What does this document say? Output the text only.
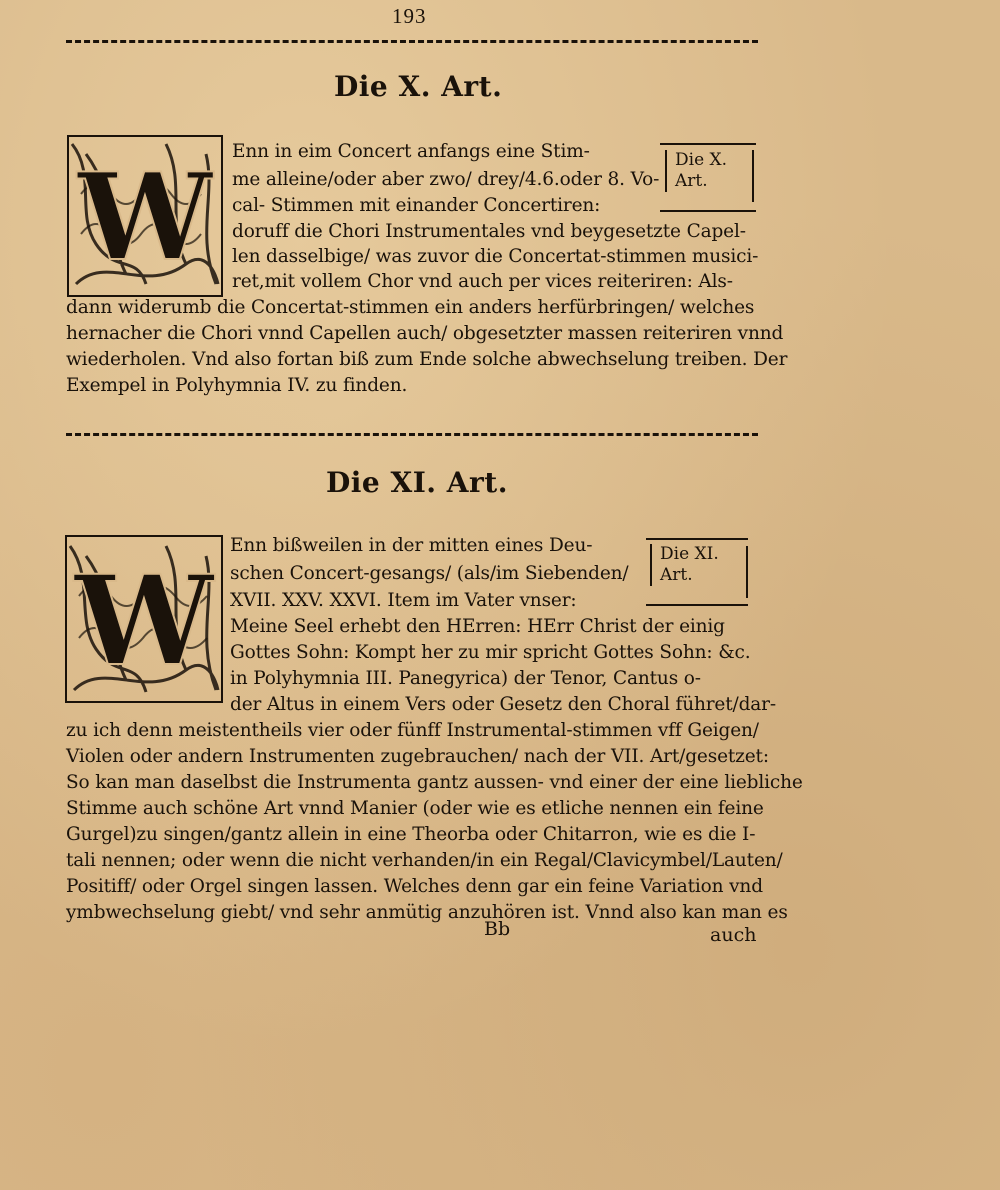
193
Die X. Art.
W Enn in eim Concert anfangs eine Stim-
me alleine/oder aber zwo/ drey/4.6.oder 8. Vo-
cal- Stimmen mit einander Concertiren:
doruff die Chori Instrumentales vnd beygesetzte Capel-
len dasselbige/ was zuvor die Concertat-stimmen musici-
ret,mit vollem Chor vnd auch per vices reiteriren: Als-
dann widerumb die Concertat-stimmen ein anders herfürbringen/ welches
hernacher die Chori vnnd Capellen auch/ obgesetzter massen reiteriren vnnd
wiederholen. Vnd also fortan biß zum Ende solche abwechselung treiben. Der
Exempel in Polyhymnia IV. zu finden.
Die X.
Art.
Die XI. Art.
W
Enn bißweilen in der mitten eines Deu-
schen Concert-gesangs/ (als/im Siebenden/
XVII. XXV. XXVI. Item im Vater vnser:
Meine Seel erhebt den HErren: HErr Christ der einig
Gottes Sohn: Kompt her zu mir spricht Gottes Sohn: &c.
in Polyhymnia III. Panegyrica) der Tenor, Cantus o-
der Altus in einem Vers oder Gesetz den Choral führet/dar-
zu ich denn meistentheils vier oder fünff Instrumental-stimmen vff Geigen/
Violen oder andern Instrumenten zugebrauchen/ nach der VII. Art/gesetzet:
So kan man daselbst die Instrumenta gantz aussen- vnd einer der eine liebliche
Stimme auch schöne Art vnnd Manier (oder wie es etliche nennen ein feine
Gurgel)zu singen/gantz allein in eine Theorba oder Chitarron, wie es die I-
tali nennen; oder wenn die nicht verhanden/in ein Regal/Clavicymbel/Lauten/
Positiff/ oder Orgel singen lassen. Welches denn gar ein feine Variation vnd
ymbwechselung giebt/ vnd sehr anmütig anzuhören ist. Vnnd also kan man es
Die XI.
Art.
Bb	auch
